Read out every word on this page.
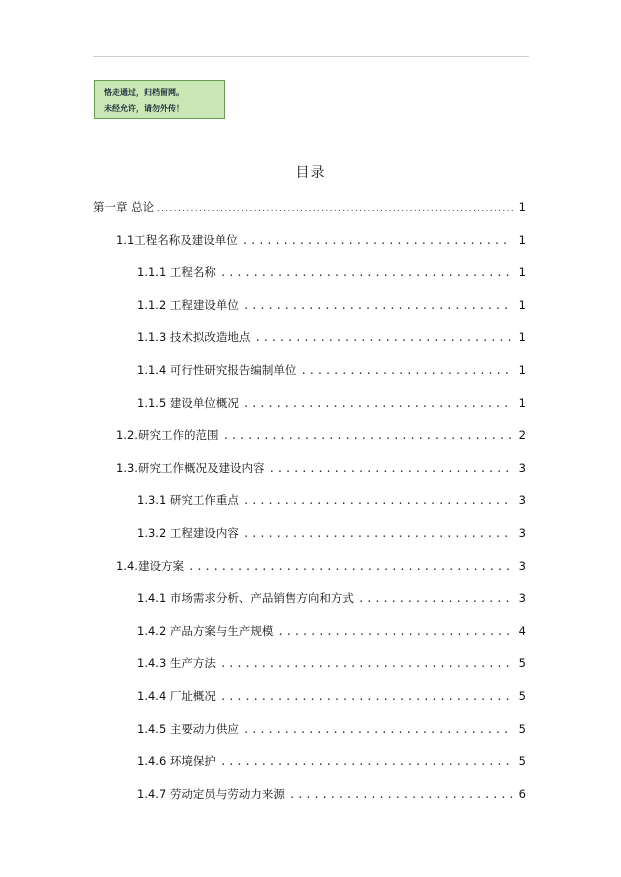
恪走通过，归档留网。
未经允许，请勿外传！
目录
第一章 总论 .....	1
1.1工程名称及建设单位 .....	1
1.1.1 工程名称 .....	1
1.1.2 工程建设单位 .....	1
1.1.3 技术拟改造地点 .....	1
1.1.4 可行性研究报告编制单位 .....	1
1.1.5 建设单位概况 .....	1
1.2.研究工作的范围 .....	2
1.3.研究工作概况及建设内容 .....	3
1.3.1 研究工作重点 .....	3
1.3.2 工程建设内容 .....	3
1.4.建设方案 .....	3
1.4.1 市场需求分析、产品销售方向和方式 .....	3
1.4.2 产品方案与生产规模 .....	4
1.4.3 生产方法 .....	5
1.4.4 厂址概况 .....	5
1.4.5 主要动力供应 .....	5
1.4.6 环境保护 .....	5
1.4.7 劳动定员与劳动力来源 .....	6
